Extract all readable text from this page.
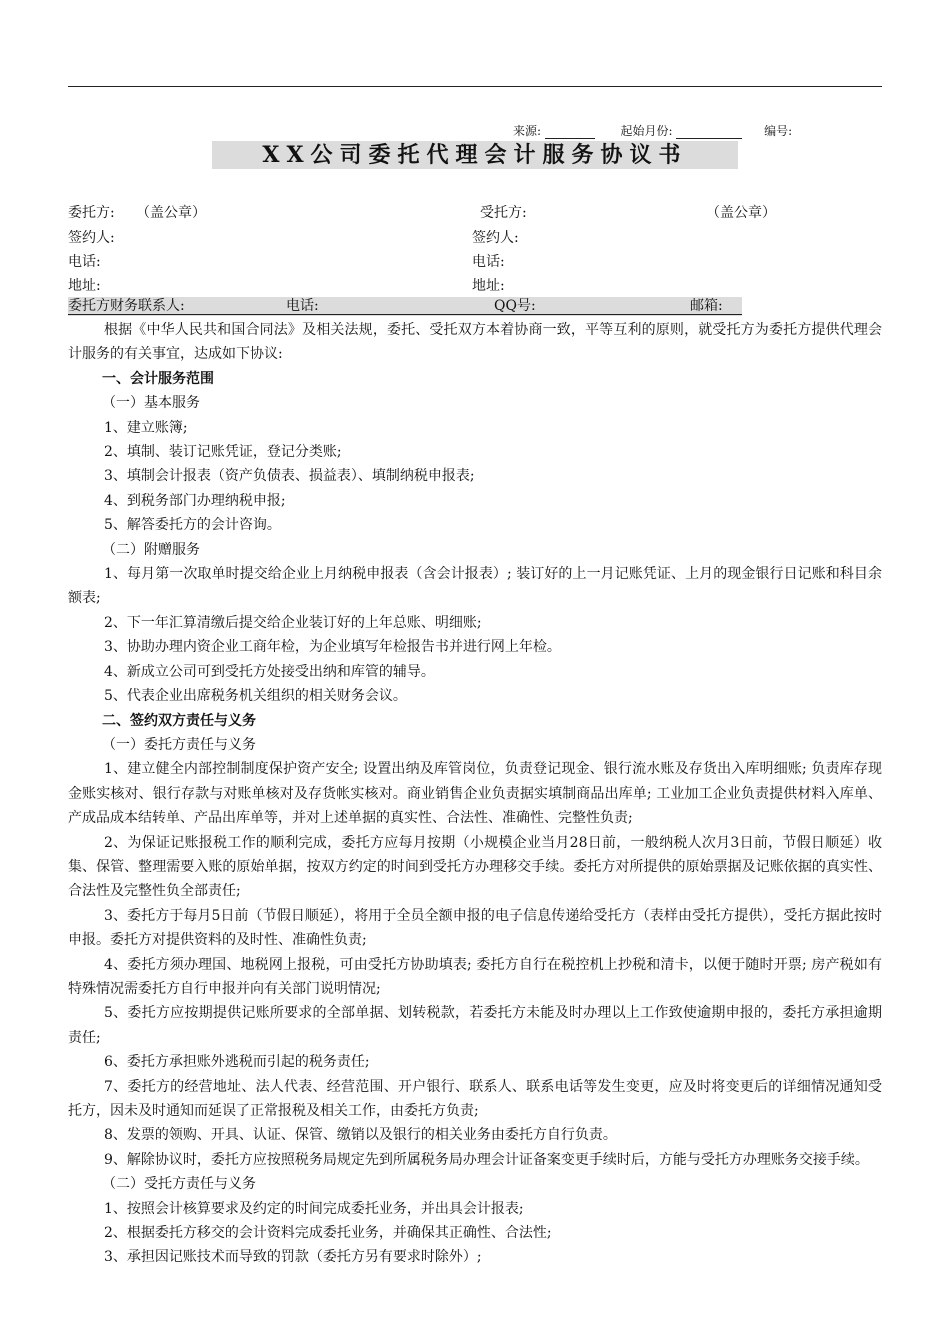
来源:	起始月份:	编号:
XX公司委托代理会计服务协议书
委托方: （盖公章）	受托方:	（盖公章）
签约人:	签约人:
电话:	电话:
地址:	地址:
委托方财务联系人:	电话:	QQ号:	邮箱:

根据《中华人民共和国合同法》及相关法规，委托、受托双方本着协商一致，平等互利的原则，就受托方为委托方提供代理会计服务的有关事宜，达成如下协议:

一、会计服务范围

（一）基本服务

1、建立账簿;

2、填制、装订记账凭证，登记分类账;

3、填制会计报表（资产负债表、损益表）、填制纳税申报表;

4、到税务部门办理纳税申报;

5、解答委托方的会计咨询。

（二）附赠服务

1、每月第一次取单时提交给企业上月纳税申报表（含会计报表）; 装订好的上一月记账凭证、上月的现金银行日记账和科目余额表;

2、下一年汇算清缴后提交给企业装订好的上年总账、明细账;

3、协助办理内资企业工商年检，为企业填写年检报告书并进行网上年检。

4、新成立公司可到受托方处接受出纳和库管的辅导。

5、代表企业出席税务机关组织的相关财务会议。

二、签约双方责任与义务

（一）委托方责任与义务

1、建立健全内部控制制度保护资产安全; 设置出纳及库管岗位，负责登记现金、银行流水账及存货出入库明细账; 负责库存现金账实核对、银行存款与对账单核对及存货帐实核对。商业销售企业负责据实填制商品出库单; 工业加工企业负责提供材料入库单、产成品成本结转单、产品出库单等，并对上述单据的真实性、合法性、准确性、完整性负责;

2、为保证记账报税工作的顺利完成，委托方应每月按期（小规模企业当月28日前，一般纳税人次月3日前，节假日顺延）收集、保管、整理需要入账的原始单据，按双方约定的时间到受托方办理移交手续。委托方对所提供的原始票据及记账依据的真实性、合法性及完整性负全部责任;

3、委托方于每月5日前（节假日顺延），将用于全员全额申报的电子信息传递给受托方（表样由受托方提供），受托方据此按时申报。委托方对提供资料的及时性、准确性负责;

4、委托方须办理国、地税网上报税，可由受托方协助填表; 委托方自行在税控机上抄税和清卡，以便于随时开票; 房产税如有特殊情况需委托方自行申报并向有关部门说明情况;

5、委托方应按期提供记账所要求的全部单据、划转税款，若委托方未能及时办理以上工作致使逾期申报的，委托方承担逾期责任;

6、委托方承担账外逃税而引起的税务责任;

7、委托方的经营地址、法人代表、经营范围、开户银行、联系人、联系电话等发生变更，应及时将变更后的详细情况通知受托方，因未及时通知而延误了正常报税及相关工作，由委托方负责;

8、发票的领购、开具、认证、保管、缴销以及银行的相关业务由委托方自行负责。

9、解除协议时，委托方应按照税务局规定先到所属税务局办理会计证备案变更手续时后，方能与受托方办理账务交接手续。

（二）受托方责任与义务

1、按照会计核算要求及约定的时间完成委托业务，并出具会计报表;

2、根据委托方移交的会计资料完成委托业务，并确保其正确性、合法性;

3、承担因记账技术而导致的罚款（委托方另有要求时除外）;
